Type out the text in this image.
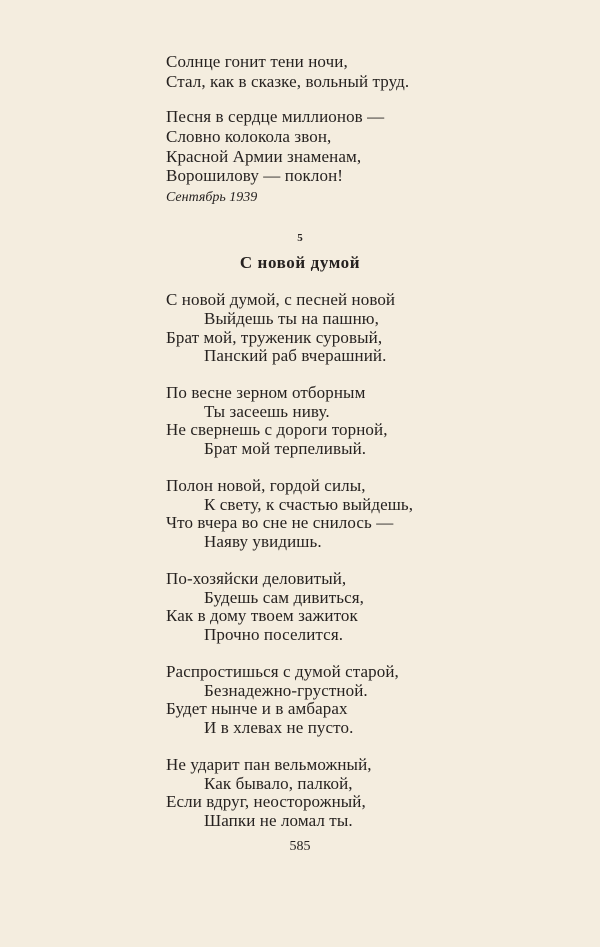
Солнце гонит тени ночи,
Стал, как в сказке, вольный труд.
Песня в сердце миллионов —
Словно колокола звон,
Красной Армии знаменам,
Ворошилову — поклон!
Сентябрь 1939
5
С новой думой
С новой думой, с песней новой
Выйдешь ты на пашню,
Брат мой, труженик суровый,
Панский раб вчерашний.
По весне зерном отборным
Ты засеешь ниву.
Не свернешь с дороги торной,
Брат мой терпеливый.
Полон новой, гордой силы,
К свету, к счастью выйдешь,
Что вчера во сне не снилось —
Наяву увидишь.
По-хозяйски деловитый,
Будешь сам дивиться,
Как в дому твоем зажиток
Прочно поселится.
Распростишься с думой старой,
Безнадежно-грустной.
Будет нынче и в амбарах
И в хлевах не пусто.
Не ударит пан вельможный,
Как бывало, палкой,
Если вдруг, неосторожный,
Шапки не ломал ты.
585
